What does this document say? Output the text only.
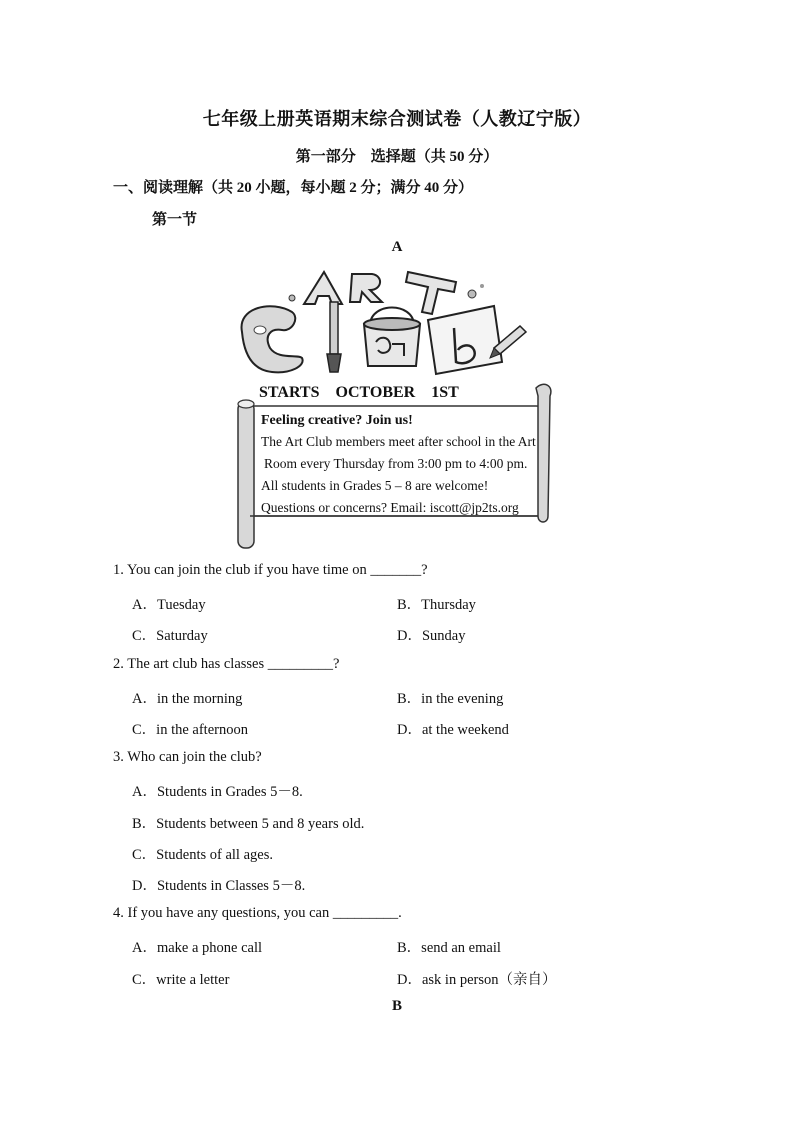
七年级上册英语期末综合测试卷（人教辽宁版）
第一部分　选择题（共 50 分）
一、阅读理解（共 20 小题，每小题 2 分；满分 40 分）
第一节
A
STARTS　OCTOBER　1ST
Feeling creative? Join us!
The Art Club members meet after school in the Art
Room every Thursday from 3:00 pm to 4:00 pm.
All students in Grades 5 – 8 are welcome!
Questions or concerns? Email: iscott@jp2ts.org
1. You can join the club if you have time on _______?
A．Tuesday	B．Thursday
C．Saturday	D．Sunday
2. The art club has classes _________?
A．in the morning	B．in the evening
C．in the afternoon	D．at the weekend
3. Who can join the club?
A．Students in Grades 5－8.
B．Students between 5 and 8 years old.
C．Students of all ages.
D．Students in Classes 5－8.
4. If you have any questions, you can _________.
A．make a phone call	B．send an email
C．write a letter	D．ask in person（亲自）
B
